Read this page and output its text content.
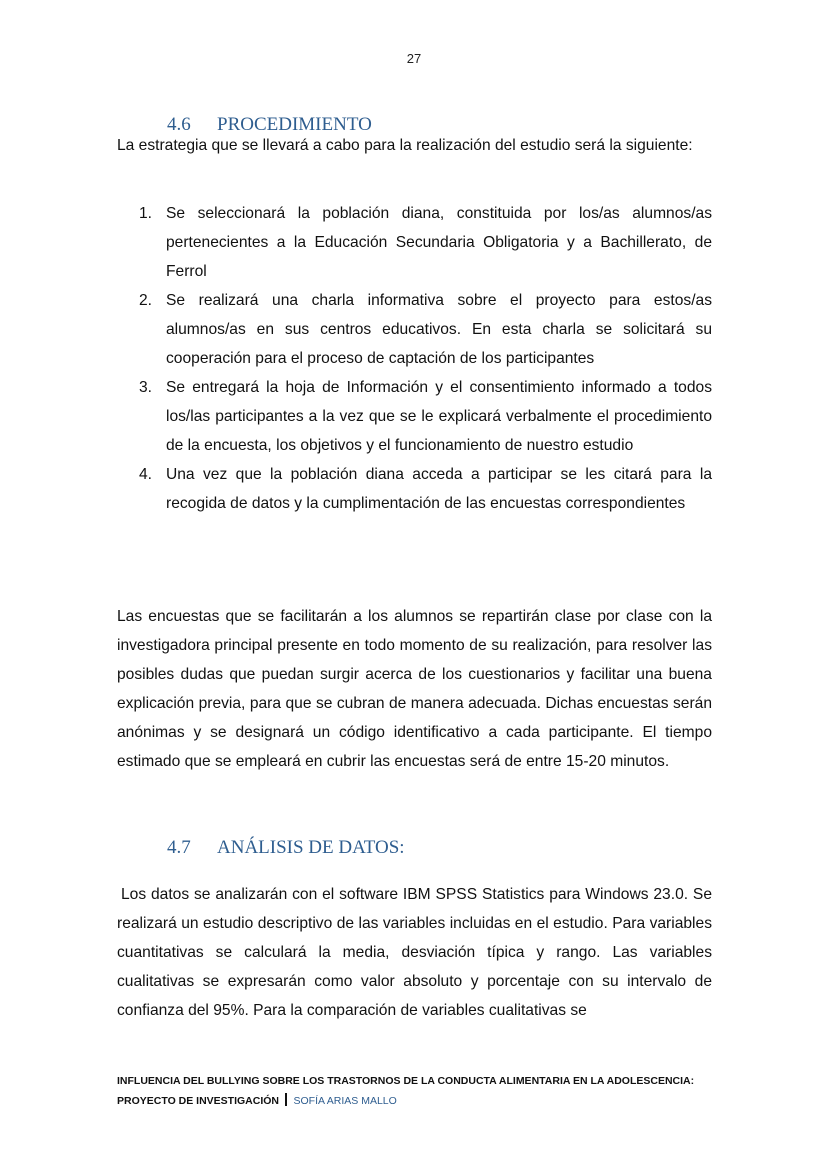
27
4.6 PROCEDIMIENTO

La estrategia que se llevará a cabo para la realización del estudio será la siguiente:

1. Se seleccionará la población diana, constituida por los/as alumnos/as pertenecientes a la Educación Secundaria Obligatoria y a Bachillerato, de Ferrol
2. Se realizará una charla informativa sobre el proyecto para estos/as alumnos/as en sus centros educativos. En esta charla se solicitará su cooperación para el proceso de captación de los participantes
3. Se entregará la hoja de Información y el consentimiento informado a todos los/las participantes a la vez que se le explicará verbalmente el procedimiento de la encuesta, los objetivos y el funcionamiento de nuestro estudio
4. Una vez que la población diana acceda a participar se les citará para la recogida de datos y la cumplimentación de las encuestas correspondientes

Las encuestas que se facilitarán a los alumnos se repartirán clase por clase con la investigadora principal presente en todo momento de su realización, para resolver las posibles dudas que puedan surgir acerca de los cuestionarios y facilitar una buena explicación previa, para que se cubran de manera adecuada. Dichas encuestas serán anónimas y se designará un código identificativo a cada participante. El tiempo estimado que se empleará en cubrir las encuestas será de entre 15-20 minutos.

4.7 ANÁLISIS DE DATOS:

Los datos se analizarán con el software IBM SPSS Statistics para Windows 23.0. Se realizará un estudio descriptivo de las variables incluidas en el estudio. Para variables cuantitativas se calculará la media, desviación típica y rango. Las variables cualitativas se expresarán como valor absoluto y porcentaje con su intervalo de confianza del 95%. Para la comparación de variables cualitativas se

INFLUENCIA DEL BULLYING SOBRE LOS TRASTORNOS DE LA CONDUCTA ALIMENTARIA EN LA ADOLESCENCIA:
PROYECTO DE INVESTIGACIÓN SOFÍA ARIAS MALLO
